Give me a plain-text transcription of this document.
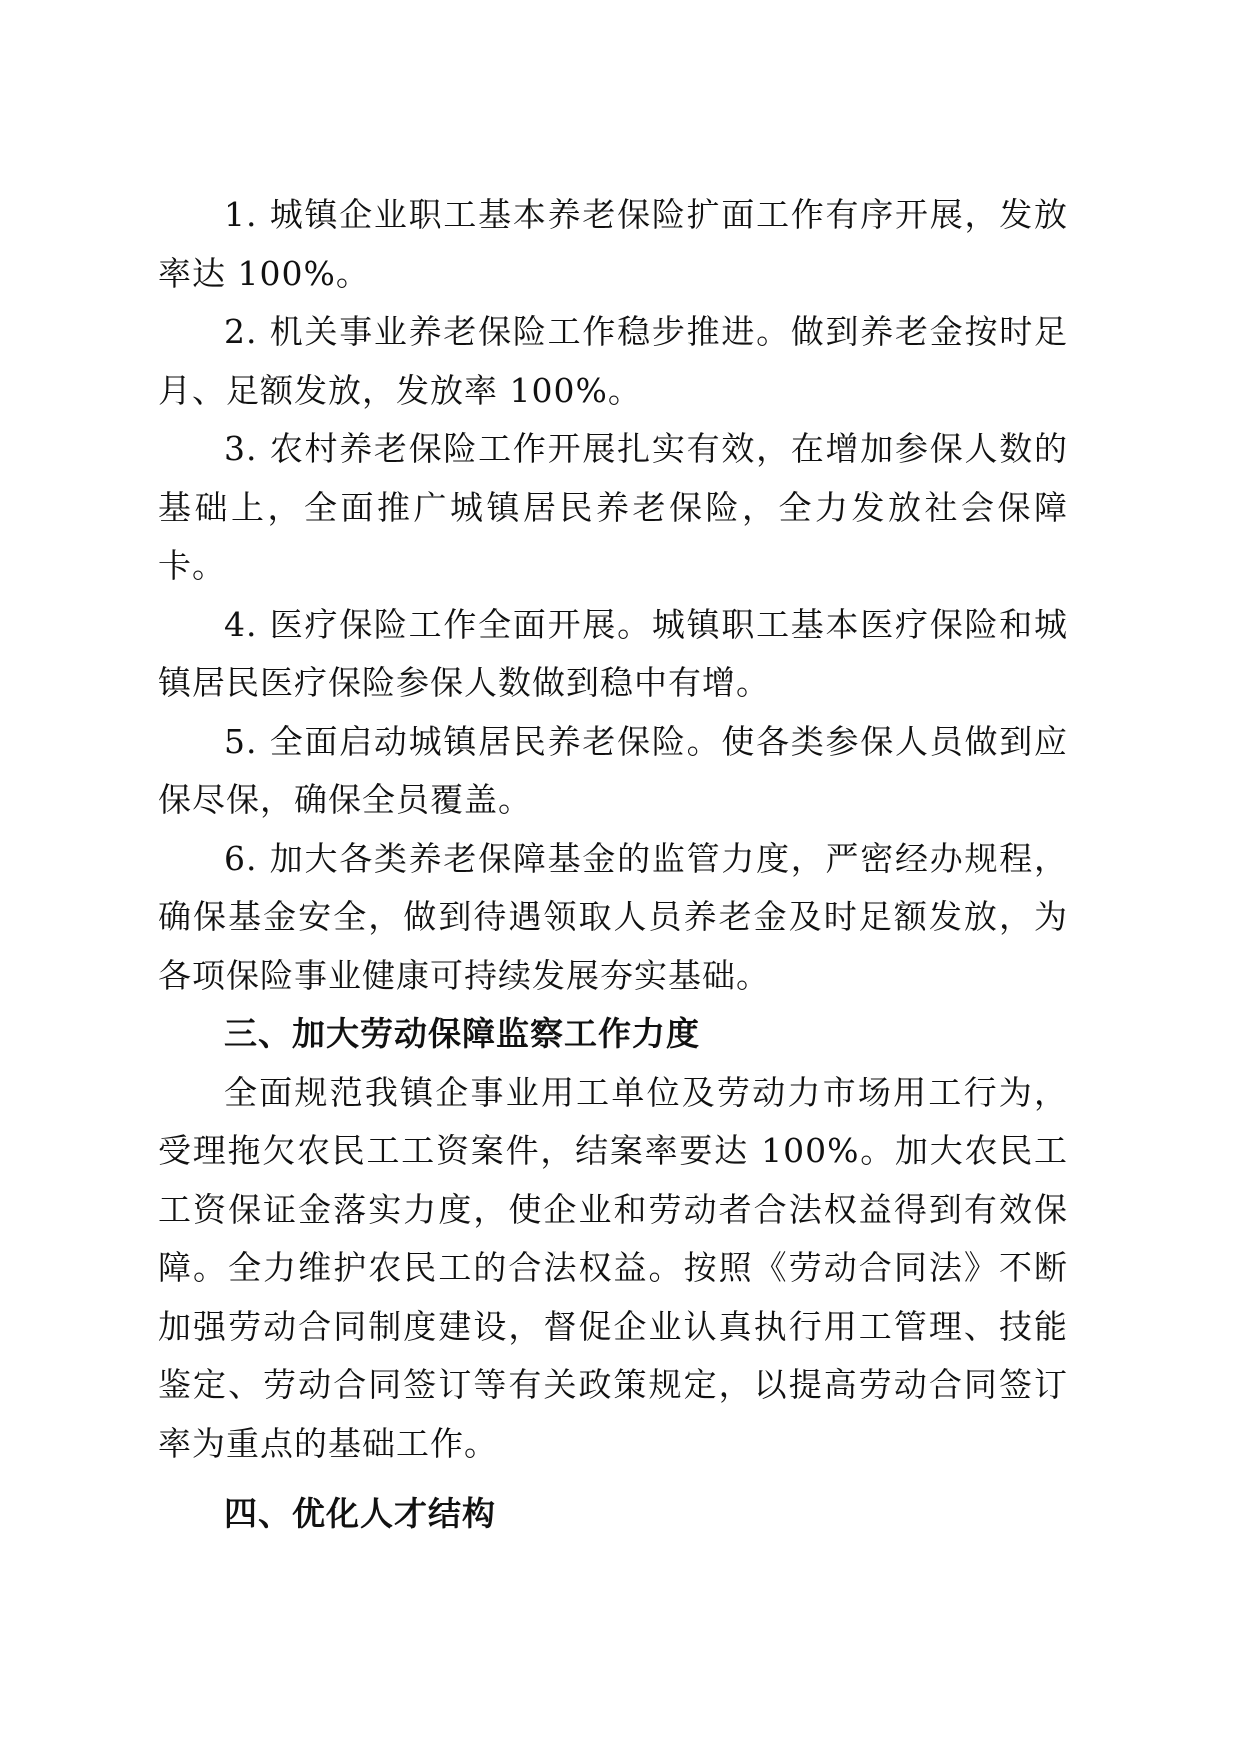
1. 城镇企业职工基本养老保险扩面工作有序开展，发放率达 100%。

2. 机关事业养老保险工作稳步推进。做到养老金按时足月、足额发放，发放率 100%。

3. 农村养老保险工作开展扎实有效，在增加参保人数的基础上，全面推广城镇居民养老保险，全力发放社会保障卡。

4. 医疗保险工作全面开展。城镇职工基本医疗保险和城镇居民医疗保险参保人数做到稳中有增。

5. 全面启动城镇居民养老保险。使各类参保人员做到应保尽保，确保全员覆盖。

6. 加大各类养老保障基金的监管力度，严密经办规程，确保基金安全，做到待遇领取人员养老金及时足额发放，为各项保险事业健康可持续发展夯实基础。

三、加大劳动保障监察工作力度

全面规范我镇企事业用工单位及劳动力市场用工行为，受理拖欠农民工工资案件，结案率要达 100%。加大农民工工资保证金落实力度，使企业和劳动者合法权益得到有效保障。全力维护农民工的合法权益。按照《劳动合同法》不断加强劳动合同制度建设，督促企业认真执行用工管理、技能鉴定、劳动合同签订等有关政策规定，以提高劳动合同签订率为重点的基础工作。

四、优化人才结构
